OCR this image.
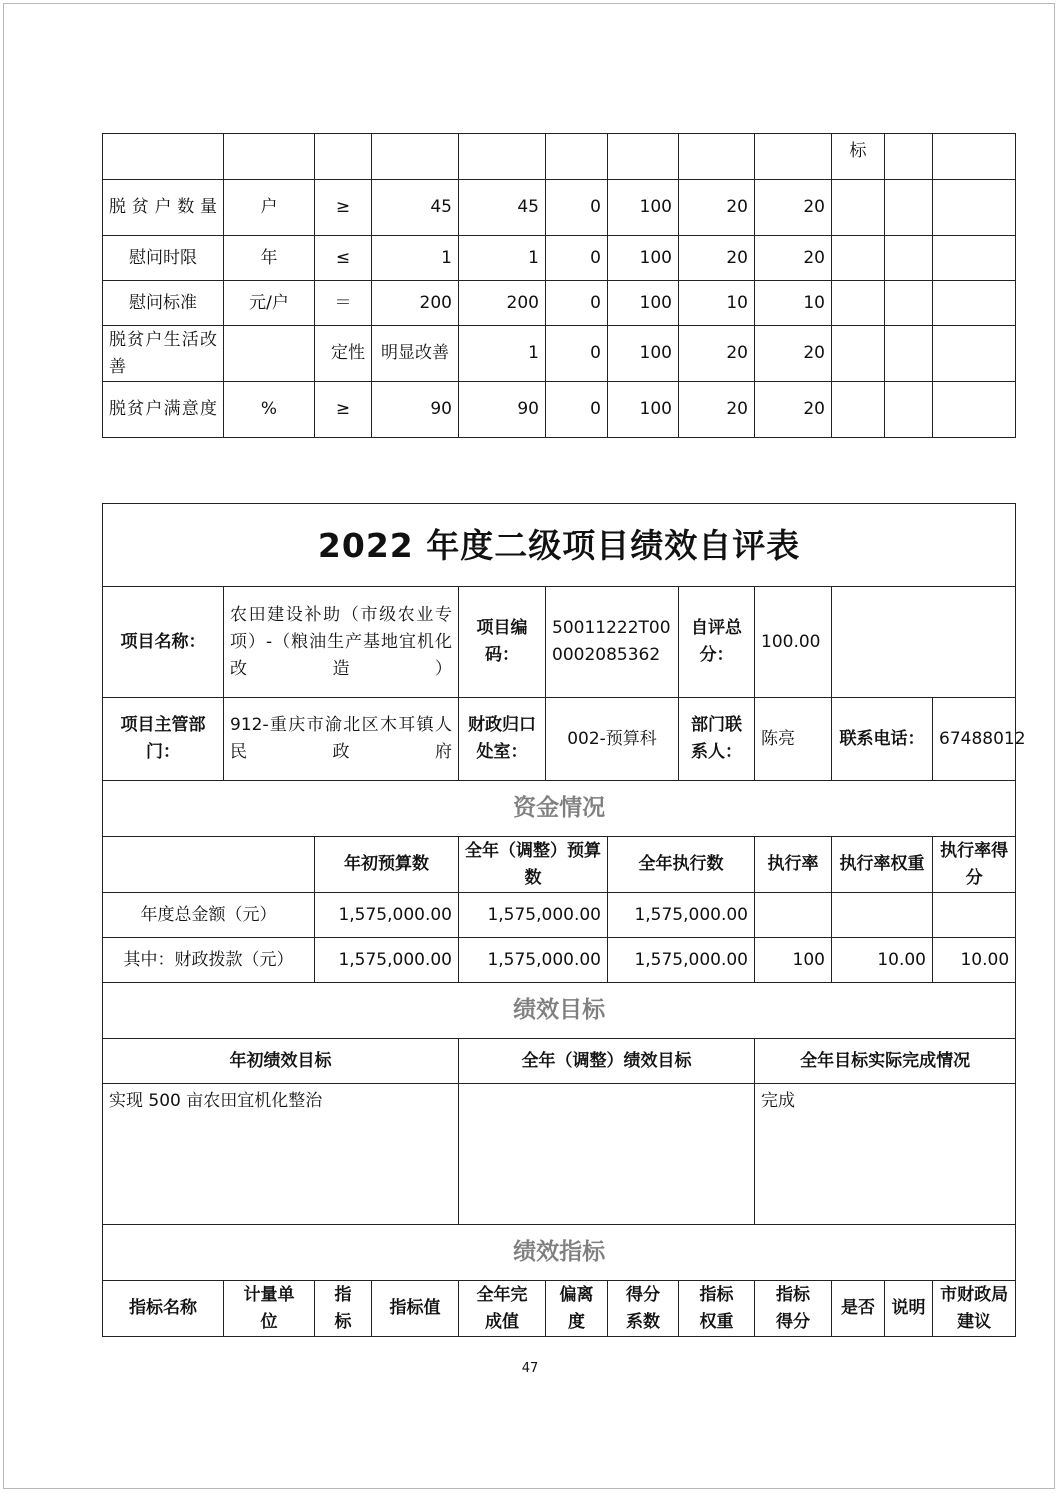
									标		
脱贫户数量	户	≥	45	45	0	100	20	20			
慰问时限	年	≤	1	1	0	100	20	20			
慰问标准	元/户	＝	200	200	0	100	10	10			
脱贫户生活改善		定性	明显改善	1	0	100	20	20			
脱贫户满意度	%	≥	90	90	0	100	20	20			
2022 年度二级项目绩效自评表											
项目名称：	农田建设补助（市级农业专项）-（粮油生产基地宜机化改造）			项目编码：	50011222T000002085362		自评总分：	100.00			
项目主管部门：	912-重庆市渝北区木耳镇人民政府			财政归口处室：	002-预算科		部门联系人：	陈亮	联系电话：		67488012
资金情况											
		年初预算数		全年（调整）预算数		全年执行数		执行率	执行率权重		执行率得分
年度总金额（元）		1,575,000.00		1,575,000.00		1,575,000.00					
其中：财政拨款（元）		1,575,000.00		1,575,000.00		1,575,000.00		100	10.00		10.00
绩效目标											
年初绩效目标				全年（调整）绩效目标				全年目标实际完成情况			
实现 500 亩农田宜机化整治								完成			
绩效指标											
指标名称	计量单位	指标	指标值	全年完成值	偏离度	得分系数	指标权重	指标得分	是否	说明	市财政局建议
47
